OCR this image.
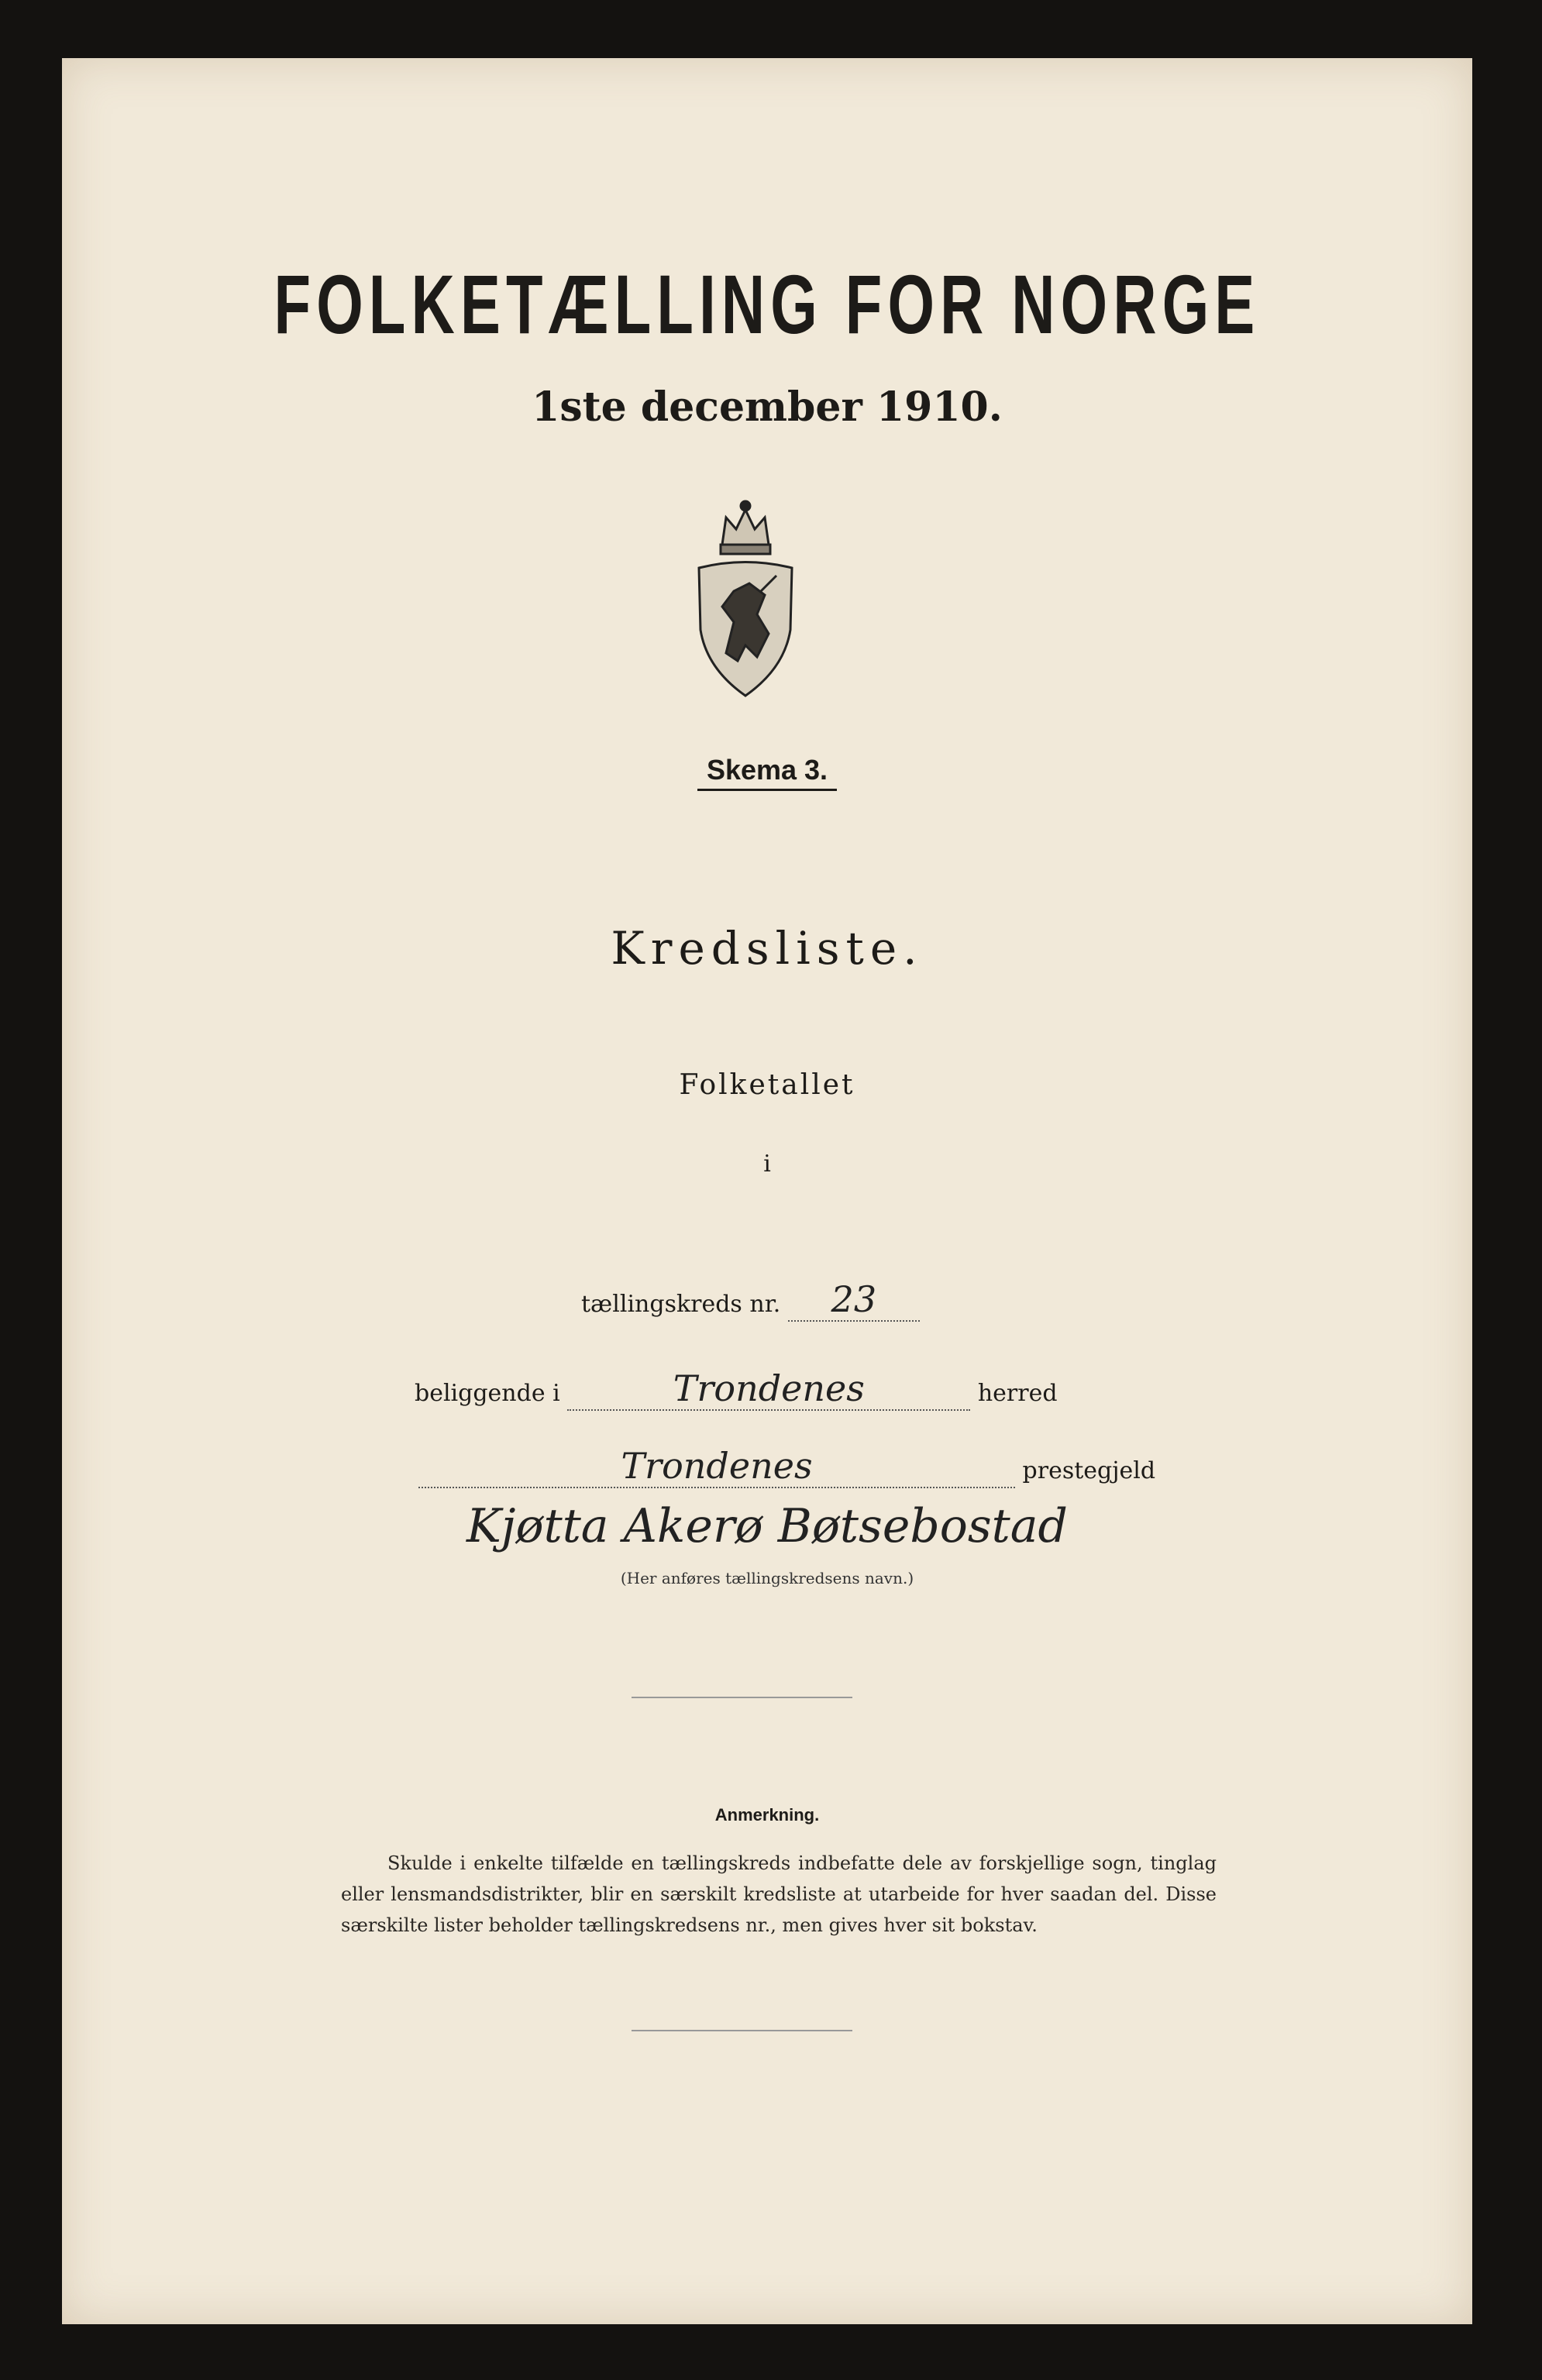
FOLKETÆLLING FOR NORGE
1ste december 1910.
Skema 3.
Kredsliste.
Folketallet
i
tællingskreds nr. 23
beliggende i	Trondenes	herred
Trondenes	prestegjeld
Kjøtta Akerø Bøtsebostad
(Her anføres tællingskredsens navn.)
Anmerkning.
Skulde i enkelte tilfælde en tællingskreds indbefatte dele av forskjellige sogn, tinglag eller lensmandsdistrikter, blir en særskilt kredsliste at utarbeide for hver saadan del. Disse særskilte lister beholder tællingskredsens nr., men gives hver sit bokstav.
